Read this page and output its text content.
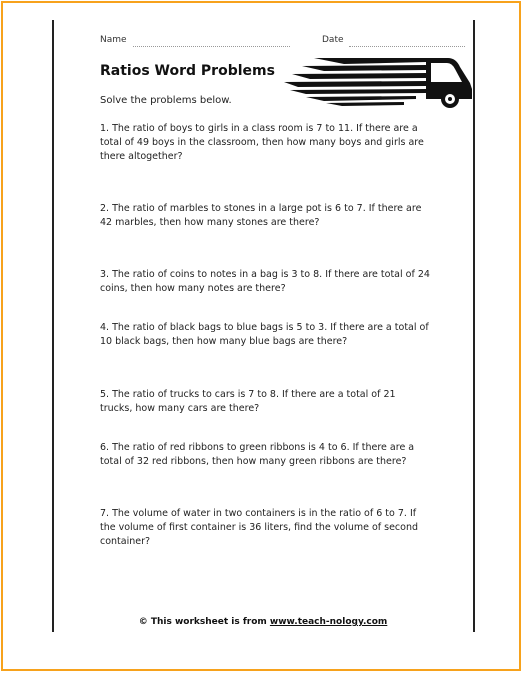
Name	Date
Ratios Word Problems
Solve the problems below.

1. The ratio of boys to girls in a class room is 7 to 11. If there are a total of 49 boys in the classroom, then how many boys and girls are there altogether?

2. The ratio of marbles to stones in a large pot is 6 to 7. If there are 42 marbles, then how many stones are there?

3. The ratio of coins to notes in a bag is 3 to 8. If there are total of 24 coins, then how many notes are there?

4. The ratio of black bags to blue bags is 5 to 3. If there are a total of 10 black bags, then how many blue bags are there?

5. The ratio of trucks to cars is 7 to 8. If there are a total of 21 trucks, how many cars are there?

6. The ratio of red ribbons to green ribbons is 4 to 6. If there are a total of 32 red ribbons, then how many green ribbons are there?

7. The volume of water in two containers is in the ratio of 6 to 7. If the volume of first container is 36 liters, find the volume of second container?

© This worksheet is from www.teach-nology.com
